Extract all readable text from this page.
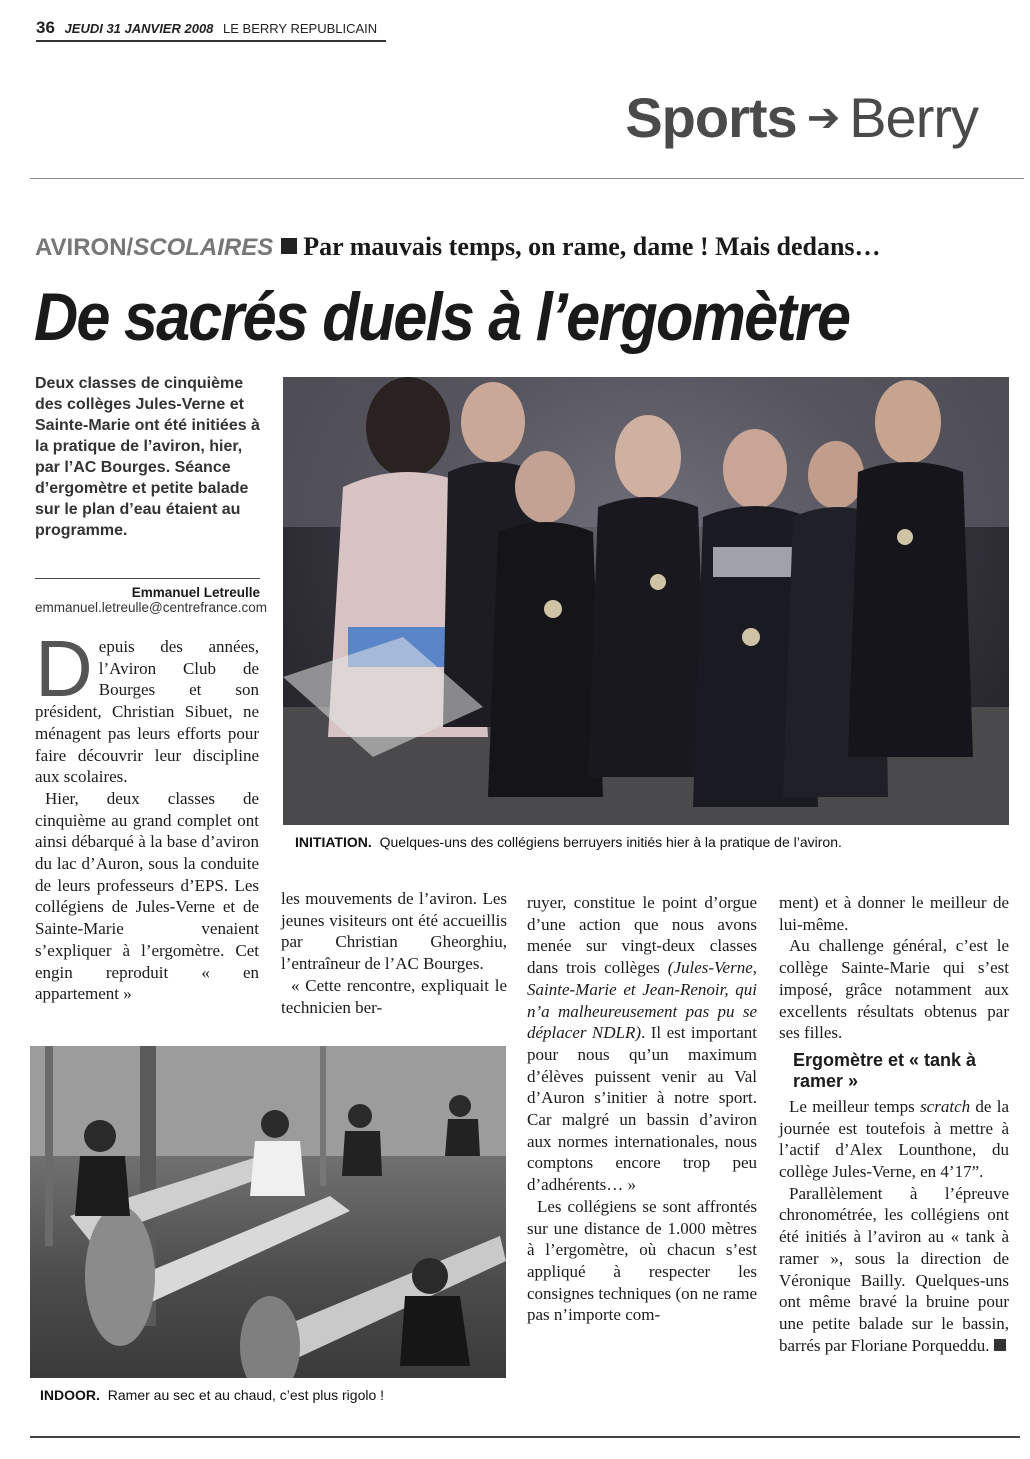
36 JEUDI 31 JANVIER 2008 LE BERRY REPUBLICAIN
Sports ➔ Berry
AVIRON/SCOLAIRES Par mauvais temps, on rame, dame ! Mais dedans…
De sacrés duels à l’ergomètre
Deux classes de cinquième des collèges Jules-Verne et Sainte-Marie ont été initiées à la pratique de l’aviron, hier, par l’AC Bourges. Séance d’ergomètre et petite balade sur le plan d’eau étaient au programme.
Emmanuel Letreulle
emmanuel.letreulle@centrefrance.com
INITIATION. Quelques-uns des collégiens berruyers initiés hier à la pratique de l’aviron.
INDOOR. Ramer au sec et au chaud, c’est plus rigolo !
D epuis des années, l’Aviron Club de Bourges et son président, Christian Sibuet, ne ménagent pas leurs efforts pour faire découvrir leur discipline aux scolaires.

Hier, deux classes de cinquième au grand complet ont ainsi débarqué à la base d’aviron du lac d’Auron, sous la conduite de leurs professeurs d’EPS. Les collégiens de Jules-Verne et de Sainte-Marie venaient s’expliquer à l’ergomètre. Cet engin reproduit « en appartement »

les mouvements de l’aviron. Les jeunes visiteurs ont été accueillis par Christian Gheorghiu, l’entraîneur de l’AC Bourges.

« Cette rencontre, expliquait le technicien ber-

ruyer, constitue le point d’orgue d’une action que nous avons menée sur vingt-deux classes dans trois collèges (Jules-Verne, Sainte-Marie et Jean-Renoir, qui n’a malheureusement pas pu se déplacer NDLR). Il est important pour nous qu’un maximum d’élèves puissent venir au Val d’Auron s’initier à notre sport. Car malgré un bassin d’aviron aux normes internationales, nous comptons encore trop peu d’adhérents… »

Les collégiens se sont affrontés sur une distance de 1.000 mètres à l’ergomètre, où chacun s’est appliqué à respecter les consignes techniques (on ne rame pas n’importe com-

ment) et à donner le meilleur de lui-même.

Au challenge général, c’est le collège Sainte-Marie qui s’est imposé, grâce notamment aux excellents résultats obtenus par ses filles.

Ergomètre et « tank à ramer »

Le meilleur temps scratch de la journée est toutefois à mettre à l’actif d’Alex Lounthone, du collège Jules-Verne, en 4’17”.

Parallèlement à l’épreuve chronométrée, les collégiens ont été initiés à l’aviron au « tank à ramer », sous la direction de Véronique Bailly. Quelques-uns ont même bravé la bruine pour une petite balade sur le bassin, barrés par Floriane Porqueddu.
